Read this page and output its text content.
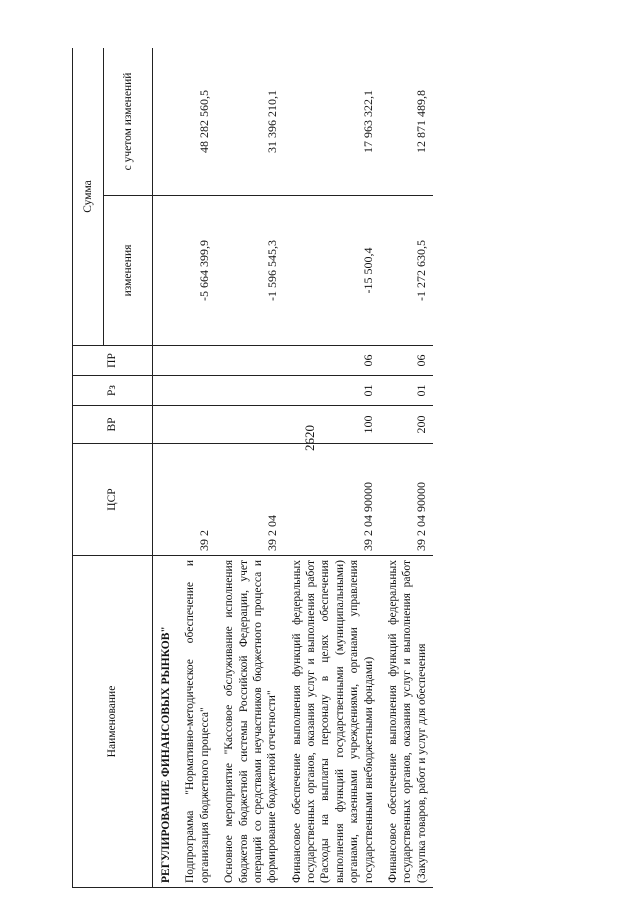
2620
Наименование	ЦСР	ВР	Рз	ПР	Сумма	
					изменения	с учетом изменений
РЕГУЛИРОВАНИЕ ФИНАНСОВЫХ РЫНКОВ"						
Подпрограмма "Нормативно-методическое обеспечение и организация бюджетного процесса"	39 2				-5 664 399,9	48 282 560,5
Основное мероприятие "Кассовое обслуживание исполнения бюджетов бюджетной системы Российской Федерации, учет операций со средствами неучастников бюджетного процесса и формирование бюджетной отчетности"	39 2 04				-1 596 545,3	31 396 210,1
Финансовое обеспечение выполнения функций федеральных государственных органов, оказания услуг и выполнения работ (Расходы на выплаты персоналу в целях обеспечения выполнения функций государственными (муниципальными) органами, казенными учреждениями, органами управления государственными внебюджетными фондами)	39 2 04 90000	100	01	06	-15 500,4	17 963 322,1
Финансовое обеспечение выполнения функций федеральных государственных органов, оказания услуг и выполнения работ (Закупка товаров, работ и услуг для обеспечения	39 2 04 90000	200	01	06	-1 272 630,5	12 871 489,8
